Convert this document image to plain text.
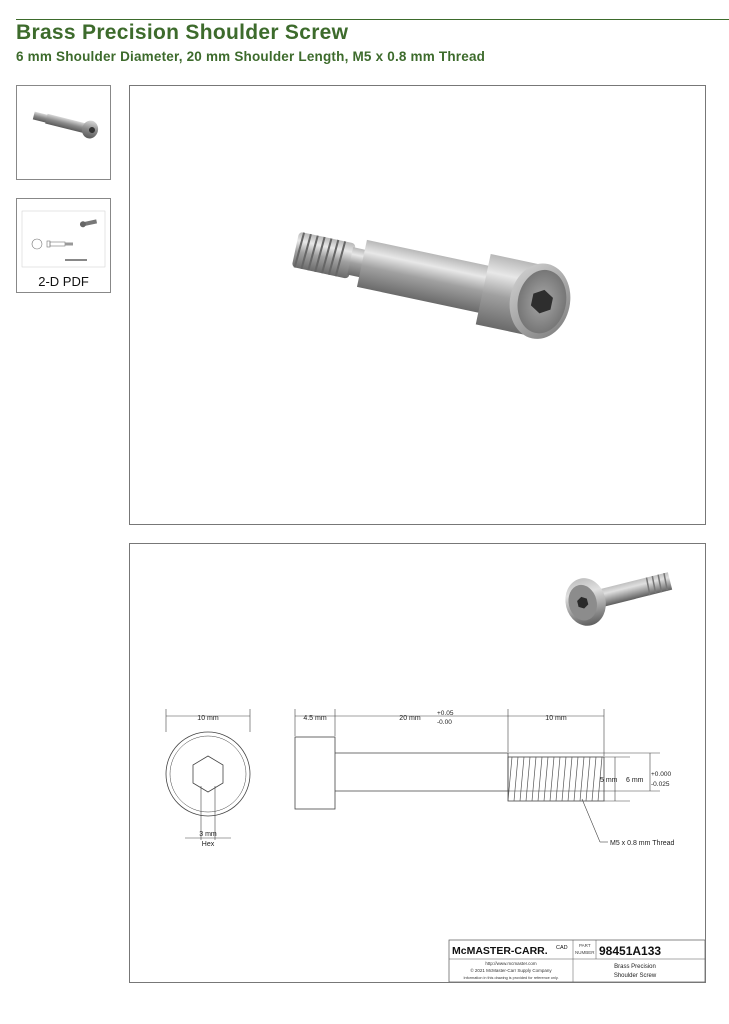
Brass Precision Shoulder Screw
6 mm Shoulder Diameter, 20 mm Shoulder Length, M5 x 0.8 mm Thread
2-D PDF
10 mm	4.5 mm	20 mm
+0.05
-0.00
10 mm
5 mm 6 mm
+0.000
-0.025
3 mm
Hex	M5 x 0.8 mm Thread
McMASTER-CARR. CAD	PART
NUMBER 98451A133
http://www.mcmaster.com
© 2021 McMaster-Carr Supply Company
Information in this drawing is provided for reference only.
Brass Precision
Shoulder Screw
